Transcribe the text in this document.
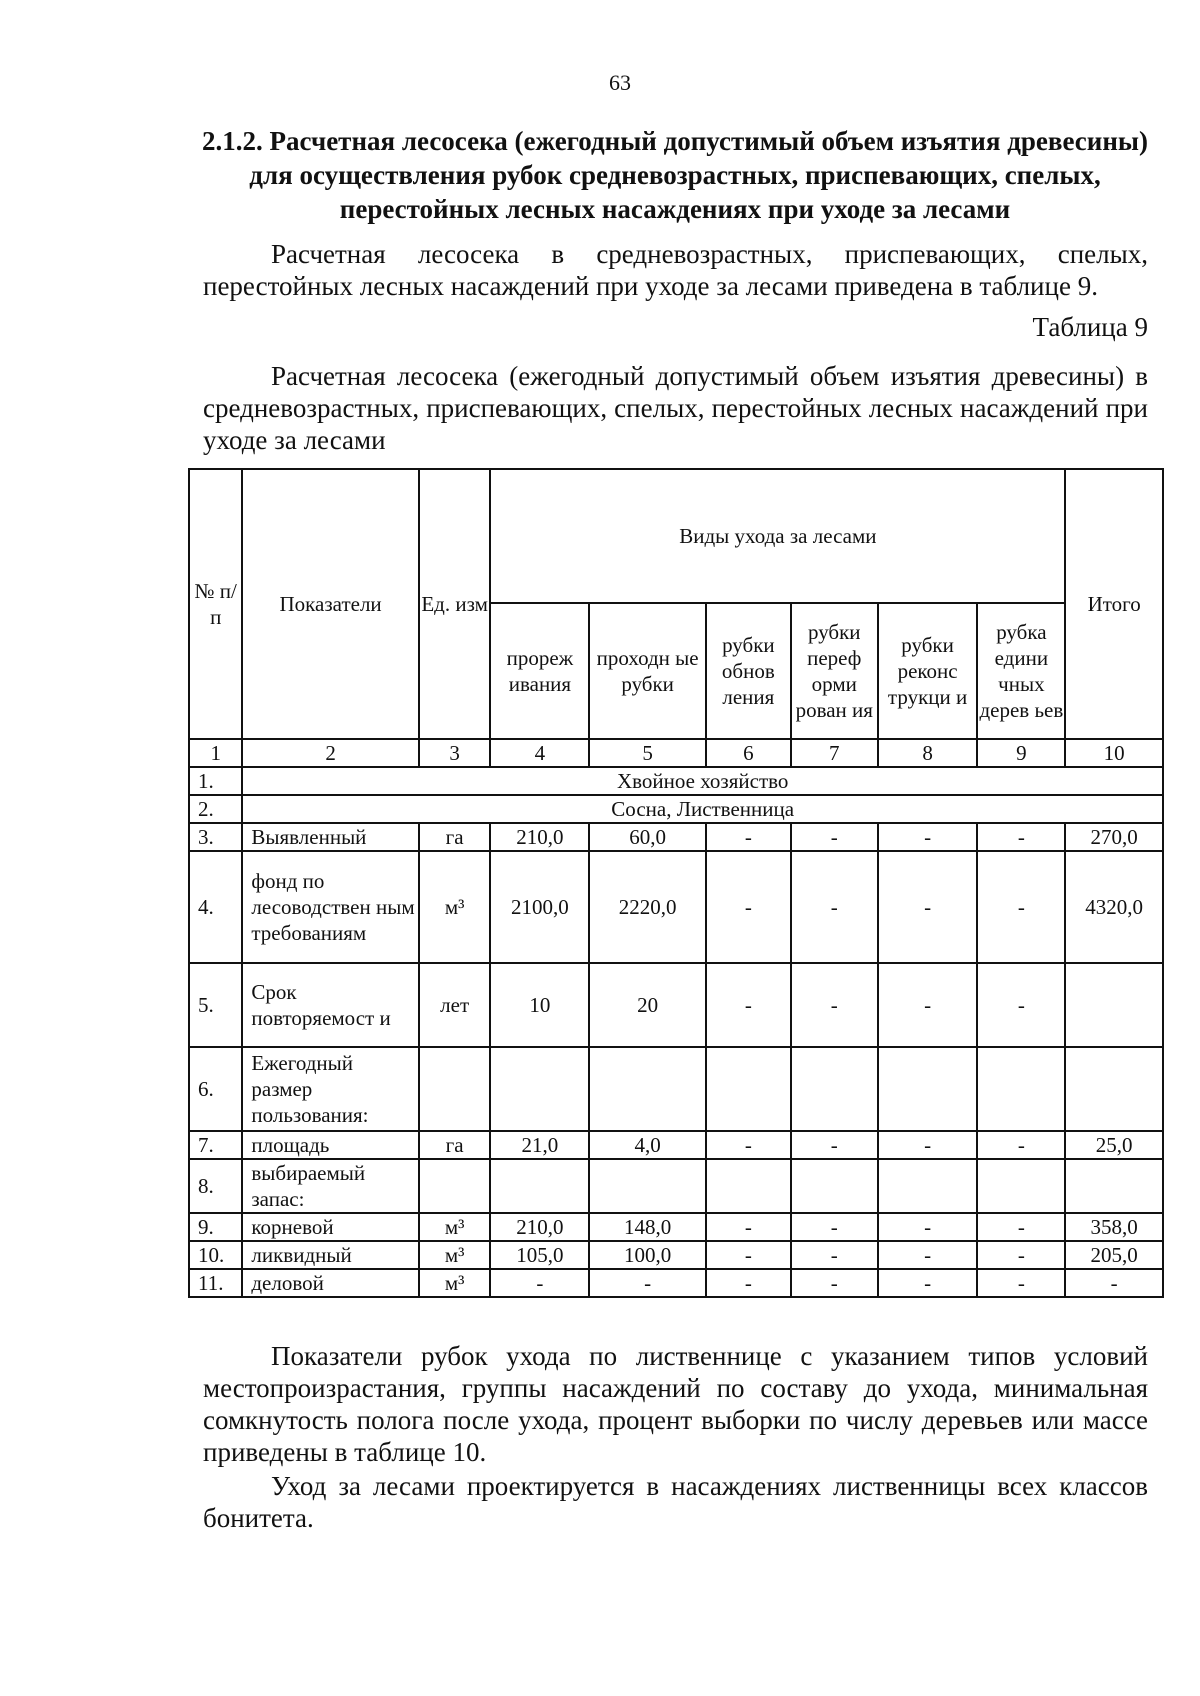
63
2.1.2. Расчетная лесосека (ежегодный допустимый объем изъятия древесины) для осуществления рубок средневозрастных, приспевающих, спелых, перестойных лесных насаждениях при уходе за лесами
Расчетная лесосека в средневозрастных, приспевающих, спелых, перестойных лесных насаждений при уходе за лесами приведена в таблице 9.
Таблица 9
Расчетная лесосека (ежегодный допустимый объем изъятия древесины) в средневозрастных, приспевающих, спелых, перестойных лесных насаждений при уходе за лесами
№ п/п	Показатели	Ед. изм	Виды ухода за лесами						Итого
			прореж ивания	проходн ые рубки	рубки обнов ления	рубки переф орми рован ия	рубки реконс трукци и	рубка едини чных дерев ьев	
1	2	3	4	5	6	7	8	9	10
1.	Хвойное хозяйство								
2.	Сосна, Лиственница								
3.	Выявленный	га	210,0	60,0	-	-	-	-	270,0
4.	фонд по лесоводствен ным требованиям	м³	2100,0	2220,0	-	-	-	-	4320,0
5.	Срок повторяемост и	лет	10	20	-	-	-	-	
6.	Ежегодный размер пользования:								
7.	площадь	га	21,0	4,0	-	-	-	-	25,0
8.	выбираемый запас:								
9.	корневой	м³	210,0	148,0	-	-	-	-	358,0
10.	ликвидный	м³	105,0	100,0	-	-	-	-	205,0
11.	деловой	м³	-	-	-	-	-	-	-
Показатели рубок ухода по лиственнице с указанием типов условий местопроизрастания, группы насаждений по составу до ухода, минимальная сомкнутость полога после ухода, процент выборки по числу деревьев или массе приведены в таблице 10.
Уход за лесами проектируется в насаждениях лиственницы всех классов бонитета.
